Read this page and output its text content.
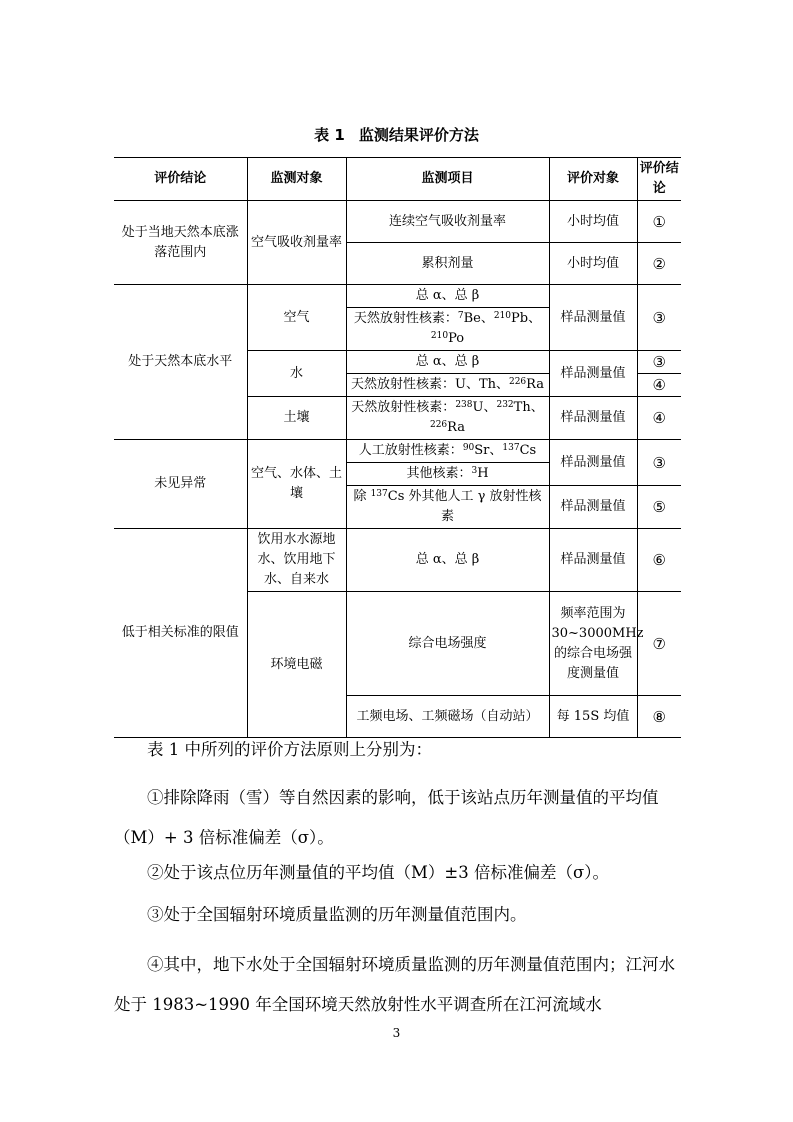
表 1 监测结果评价方法
评价结论	监测对象	监测项目	评价对象	评价结论
处于当地天然本底涨落范围内	空气吸收剂量率	连续空气吸收剂量率	小时均值	①
		累积剂量	小时均值	②
处于天然本底水平	空气	总 α、总 β	样品测量值	③
		天然放射性核素：$^7$Be、$^{210}$Pb、
$^{210}$Po		
	水	总 α、总 β	样品测量值	③
		天然放射性核素：U、Th、$^{226}$Ra		④
	土壤	天然放射性核素：$^{238}$U、$^{232}$Th、
$^{226}$Ra	样品测量值	④
未见异常	空气、水体、土壤	人工放射性核素：$^{90}$Sr、$^{137}$Cs	样品测量值	③
		其他核素：$^3$H		
		除 $^{137}$Cs 外其他人工 γ 放射性核素	样品测量值	⑤
低于相关标准的限值	饮用水水源地水、饮用地下水、自来水	总 α、总 β	样品测量值	⑥
	环境电磁	综合电场强度	频率范围为 30~3000MHz 的综合电场强度测量值	⑦
		工频电场、工频磁场（自动站）	每 15S 均值	⑧
表 1 中所列的评价方法原则上分别为：
①排除降雨（雪）等自然因素的影响，低于该站点历年测量值的平均值（M）+ 3 倍标准偏差（σ）。
②处于该点位历年测量值的平均值（M）±3 倍标准偏差（σ）。
③处于全国辐射环境质量监测的历年测量值范围内。
④其中，地下水处于全国辐射环境质量监测的历年测量值范围内；江河水处于 1983~1990 年全国环境天然放射性水平调查所在江河流域水
3
